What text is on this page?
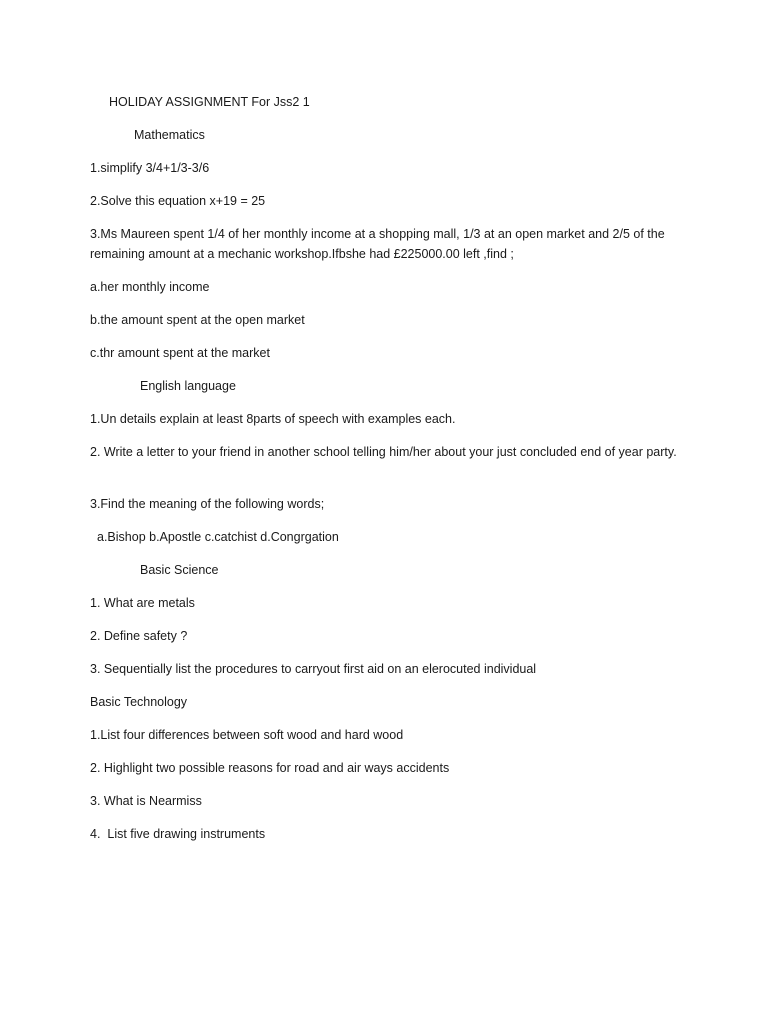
HOLIDAY ASSIGNMENT For Jss2 1
Mathematics
1.simplify 3/4+1/3-3/6
2.Solve this equation x+19 = 25
3.Ms Maureen spent 1/4 of her monthly income at a shopping mall, 1/3 at an open market and 2/5 of the remaining amount at a mechanic workshop.Ifbshe had £225000.00 left ,find ;
a.her monthly income
b.the amount spent at the open market
c.thr amount spent at the market
English language
1.Un details explain at least 8parts of speech with examples each.
2. Write a letter to your friend in another school telling him/her about your just concluded end of year party.
3.Find the meaning of the following words;
a.Bishop b.Apostle c.catchist d.Congrgation
Basic Science
1. What are metals
2. Define safety ?
3. Sequentially list the procedures to carryout first aid on an elerocuted individual
Basic Technology
1.List four differences between soft wood and hard wood
2. Highlight two possible reasons for road and air ways accidents
3. What is Nearmiss
4.  List five drawing instruments
